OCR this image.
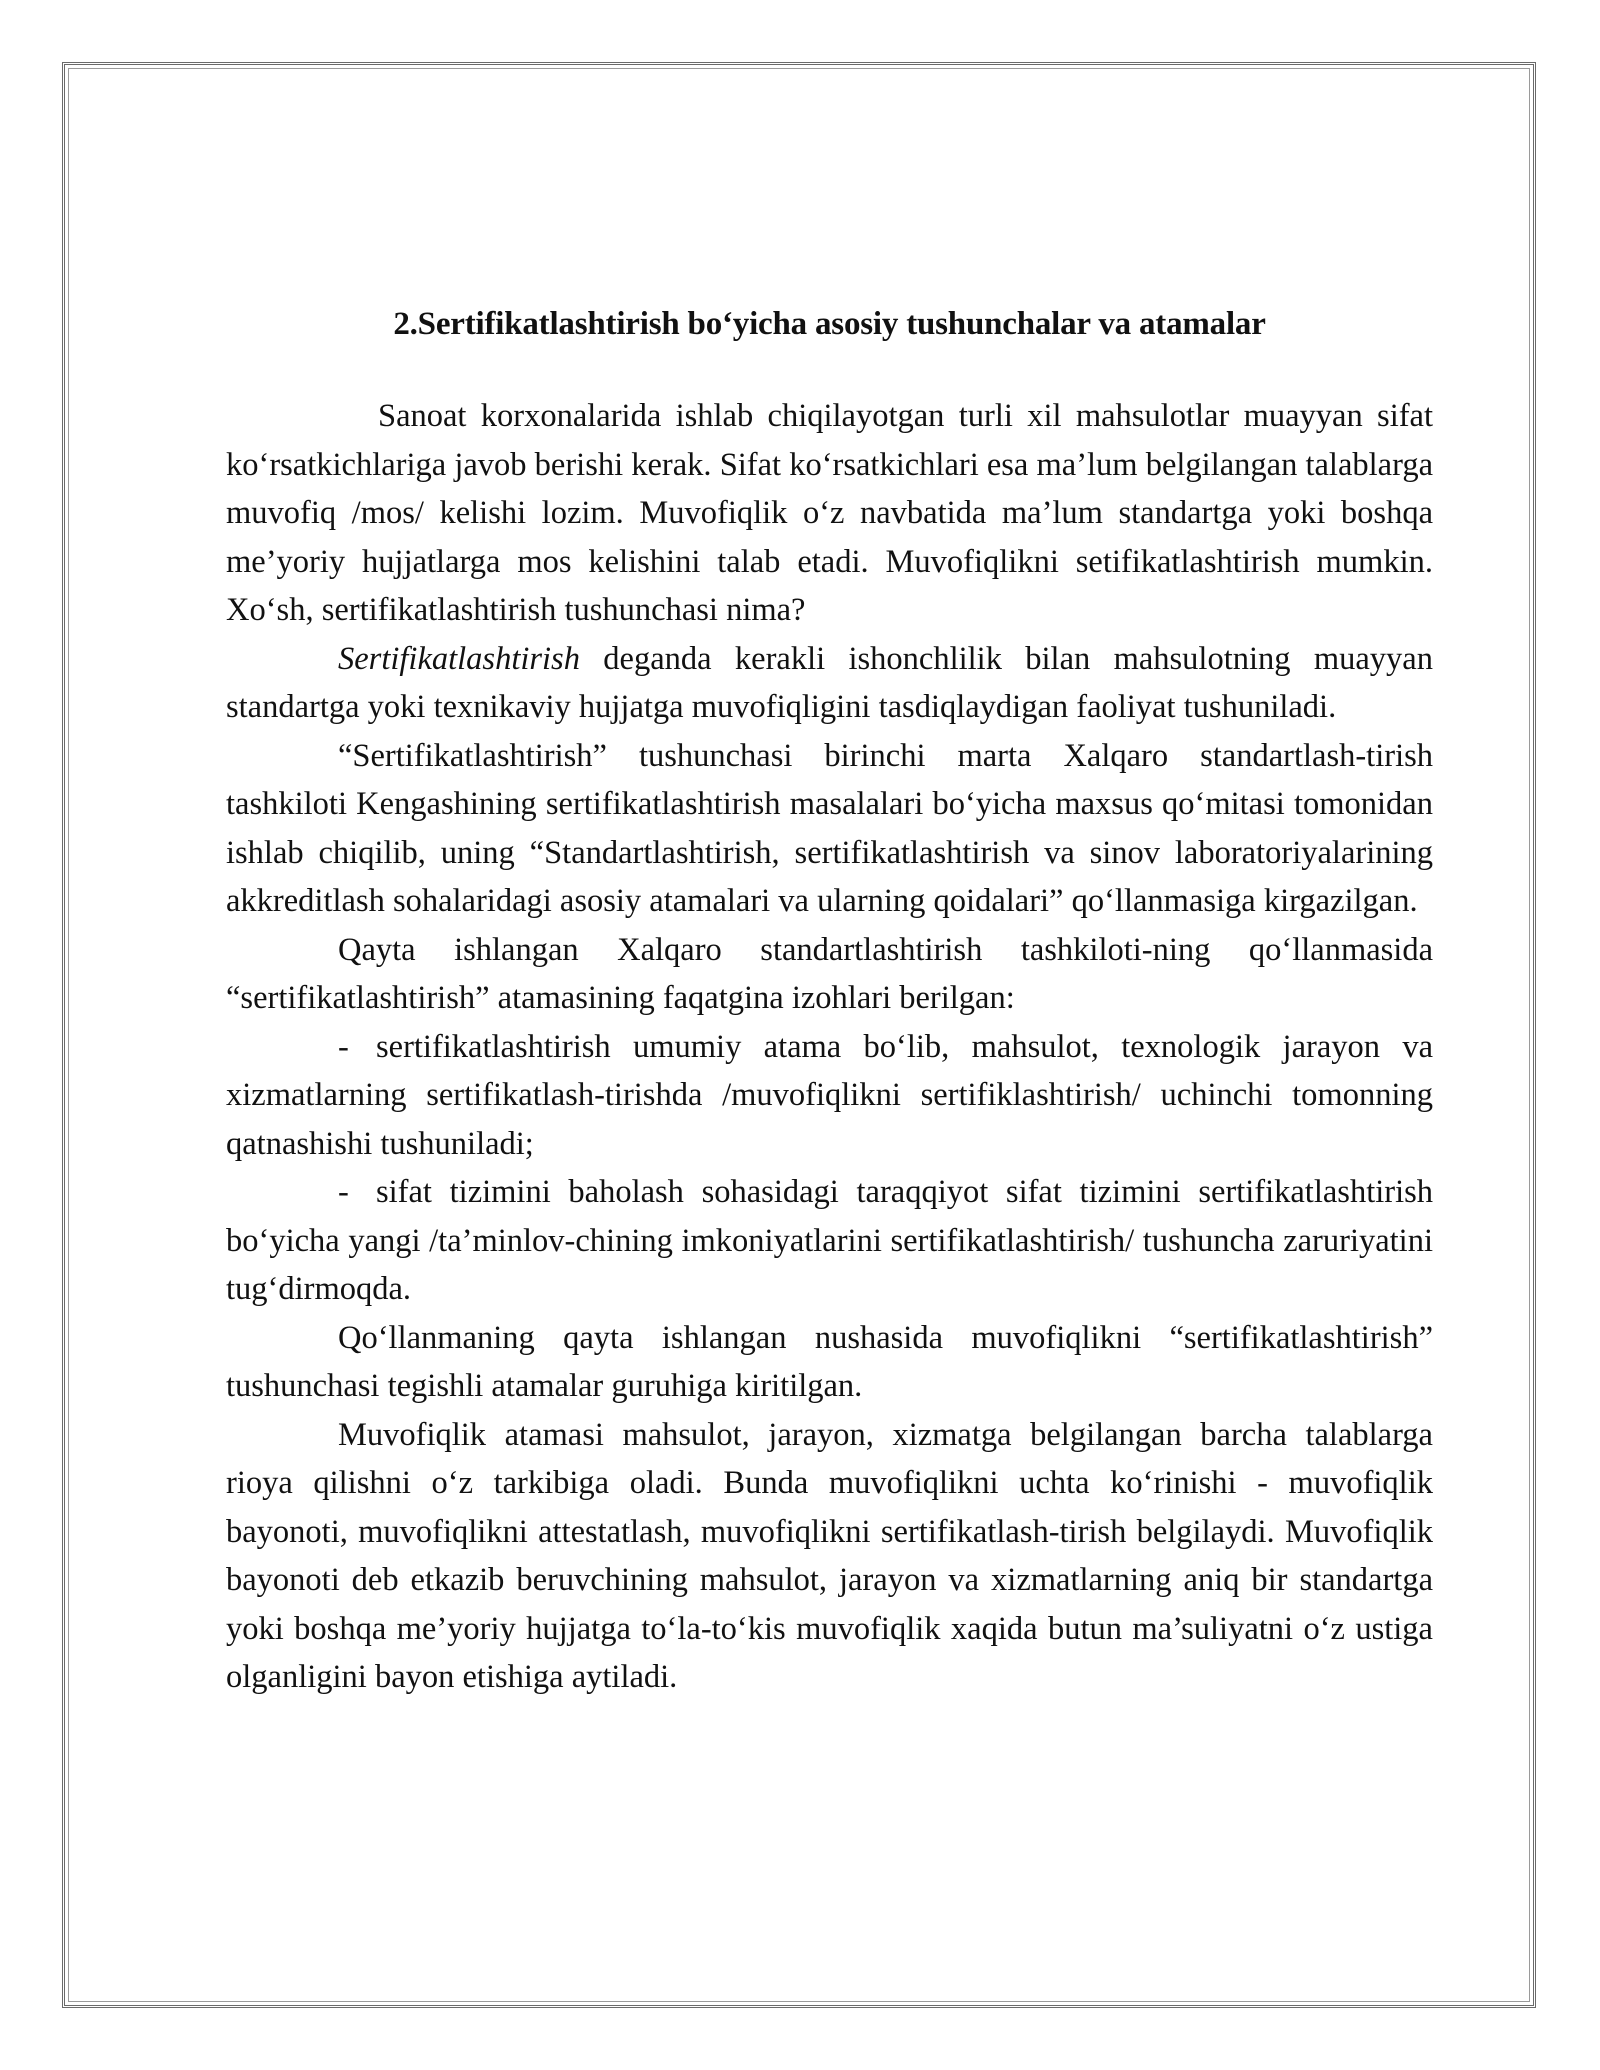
2.Sertifikatlashtirish bo‘yicha asosiy tushunchalar va atamalar

Sanoat korxonalarida ishlab chiqilayotgan turli xil mahsulotlar muayyan sifat ko‘rsatkichlariga javob berishi kerak. Sifat ko‘rsatkichlari esa ma’lum belgilangan talablarga muvofiq /mos/ kelishi lozim. Muvofiqlik o‘z navbatida ma’lum standartga yoki boshqa me’yoriy hujjatlarga mos kelishini talab etadi. Muvofiqlikni setifikatlashtirish mumkin. Xo‘sh, sertifikatlashtirish tushunchasi nima?

Sertifikatlashtirish deganda kerakli ishonchlilik bilan mahsulotning muayyan standartga yoki texnikaviy hujjatga muvofiqligini tasdiqlaydigan faoliyat tushuniladi.

“Sertifikatlashtirish” tushunchasi birinchi marta Xalqaro standartlash-tirish tashkiloti Kengashining sertifikatlashtirish masalalari bo‘yicha maxsus qo‘mitasi tomonidan ishlab chiqilib, uning “Standartlashtirish, sertifikatlashtirish va sinov laboratoriyalarining akkreditlash sohalaridagi asosiy atamalari va ularning qoidalari” qo‘llanmasiga kirgazilgan.

Qayta ishlangan Xalqaro standartlashtirish tashkiloti-ning qo‘llanmasida “sertifikatlashtirish” atamasining faqatgina izohlari berilgan:

- sertifikatlashtirish umumiy atama bo‘lib, mahsulot, texnologik jarayon va xizmatlarning sertifikatlash-tirishda /muvofiqlikni sertifiklashtirish/ uchinchi tomonning qatnashishi tushuniladi;

- sifat tizimini baholash sohasidagi taraqqiyot sifat tizimini sertifikatlashtirish bo‘yicha yangi /ta’minlov-chining imkoniyatlarini sertifikatlashtirish/ tushuncha zaruriyatini tug‘dirmoqda.

Qo‘llanmaning qayta ishlangan nushasida muvofiqlikni “sertifikatlashtirish” tushunchasi tegishli atamalar guruhiga kiritilgan.

Muvofiqlik atamasi mahsulot, jarayon, xizmatga belgilangan barcha talablarga rioya qilishni o‘z tarkibiga oladi. Bunda muvofiqlikni uchta ko‘rinishi - muvofiqlik bayonoti, muvofiqlikni attestatlash, muvofiqlikni sertifikatlash-tirish belgilaydi. Muvofiqlik bayonoti deb etkazib beruvchining mahsulot, jarayon va xizmatlarning aniq bir standartga yoki boshqa me’yoriy hujjatga to‘la-to‘kis muvofiqlik xaqida butun ma’suliyatni o‘z ustiga olganligini bayon etishiga aytiladi.
